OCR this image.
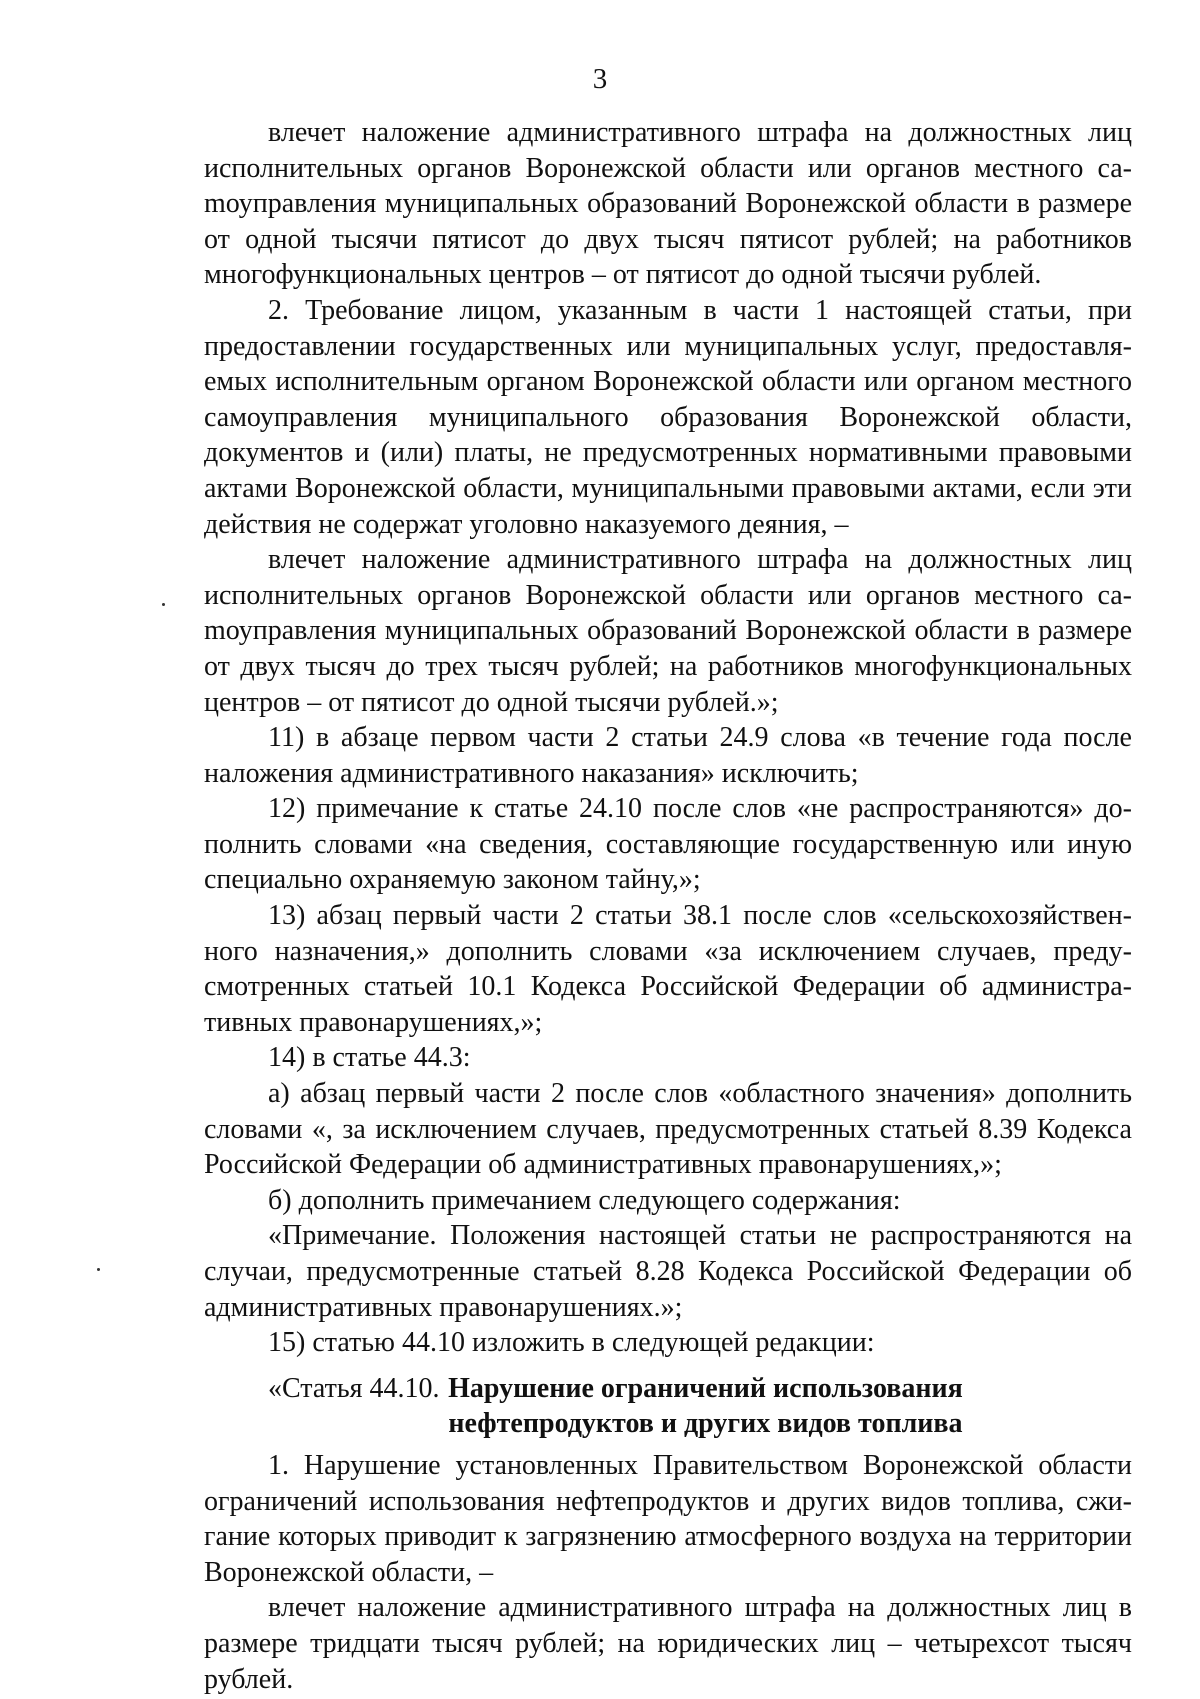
3

влечет наложение административного штрафа на должностных лиц исполнительных органов Воронежской области или органов местного саmоуправления муниципальных образований Воронежской области в размере от одной тысячи пятисот до двух тысяч пятисот рублей; на работников многофункциональных центров – от пятисот до одной тысячи рублей.

2. Требование лицом, указанным в части 1 настоящей статьи, при предоставлении государственных или муниципальных услуг, предоставляемых исполнительным органом Воронежской области или органом местного самоуправления муниципального образования Воронежской области, документов и (или) платы, не предусмотренных нормативными правовыми актами Воронежской области, муниципальными правовыми актами, если эти действия не содержат уголовно наказуемого деяния, –

влечет наложение административного штрафа на должностных лиц исполнительных органов Воронежской области или органов местного саmоуправления муниципальных образований Воронежской области в размере от двух тысяч до трех тысяч рублей; на работников многофункциональных центров – от пятисот до одной тысячи рублей.»;

11) в абзаце первом части 2 статьи 24.9 слова «в течение года после наложения административного наказания» исключить;

12) примечание к статье 24.10 после слов «не распространяются» дополнить словами «на сведения, составляющие государственную или иную специально охраняемую законом тайну,»;

13) абзац первый части 2 статьи 38.1 после слов «сельскохозяйственного назначения,» дополнить словами «за исключением случаев, предусмотренных статьей 10.1 Кодекса Российской Федерации об административных правонарушениях,»;

14) в статье 44.3:

а) абзац первый части 2 после слов «областного значения» дополнить словами «, за исключением случаев, предусмотренных статьей 8.39 Кодекса Российской Федерации об административных правонарушениях,»;

б) дополнить примечанием следующего содержания:

«Примечание. Положения настоящей статьи не распространяются на случаи, предусмотренные статьей 8.28 Кодекса Российской Федерации об административных правонарушениях.»;

15) статью 44.10 изложить в следующей редакции:

«Статья 44.10. Нарушение ограничений использования нефтепродуктов и других видов топлива

1. Нарушение установленных Правительством Воронежской области ограничений использования нефтепродуктов и других видов топлива, сжигание которых приводит к загрязнению атмосферного воздуха на территории Воронежской области, –

влечет наложение административного штрафа на должностных лиц в размере тридцати тысяч рублей; на юридических лиц – четырехсот тысяч рублей.
